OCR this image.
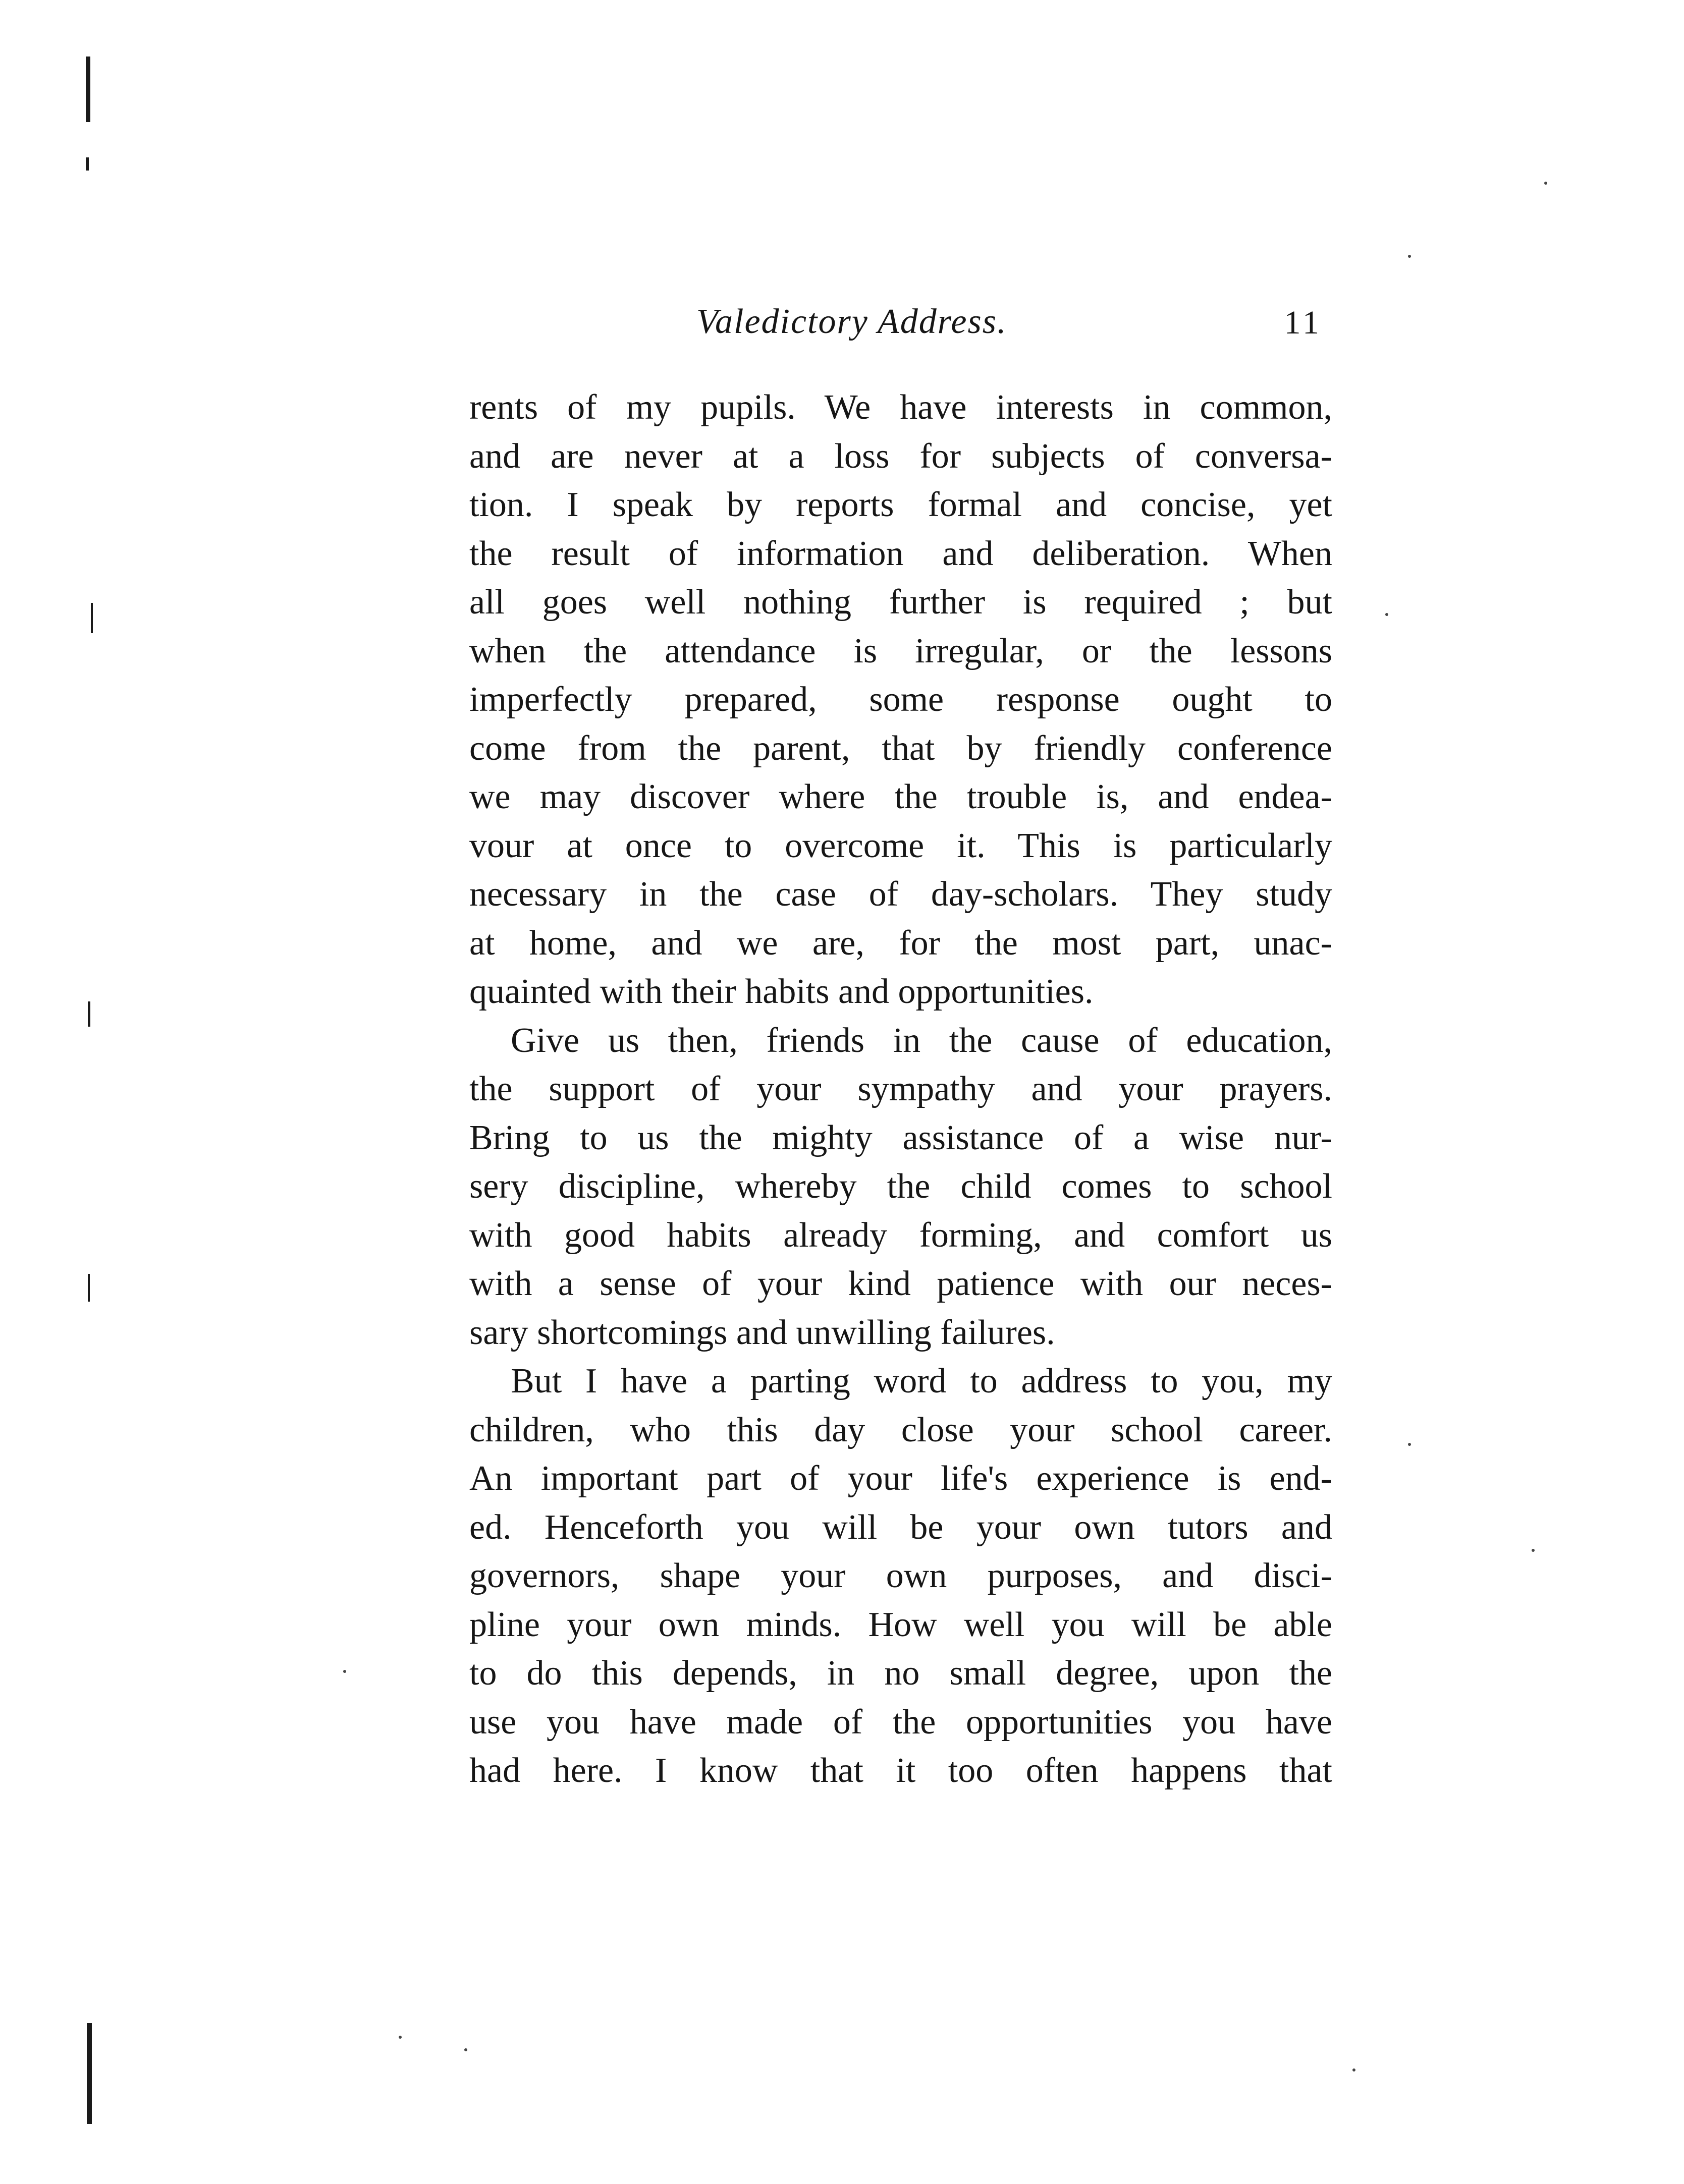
Valedictory Address.	11
rents of my pupils. We have interests in common,
and are never at a loss for subjects of conversa-
tion. I speak by reports formal and concise, yet
the result of information and deliberation. When
all goes well nothing further is required ; but
when the attendance is irregular, or the lessons
imperfectly prepared, some response ought to
come from the parent, that by friendly conference
we may discover where the trouble is, and endea-
vour at once to overcome it. This is particularly
necessary in the case of day-scholars. They study
at home, and we are, for the most part, unac-
quainted with their habits and opportunities.
Give us then, friends in the cause of education,
the support of your sympathy and your prayers.
Bring to us the mighty assistance of a wise nur-
sery discipline, whereby the child comes to school
with good habits already forming, and comfort us
with a sense of your kind patience with our neces-
sary shortcomings and unwilling failures.
But I have a parting word to address to you, my
children, who this day close your school career.
An important part of your life's experience is end-
ed. Henceforth you will be your own tutors and
governors, shape your own purposes, and disci-
pline your own minds. How well you will be able
to do this depends, in no small degree, upon the
use you have made of the opportunities you have
had here. I know that it too often happens that
